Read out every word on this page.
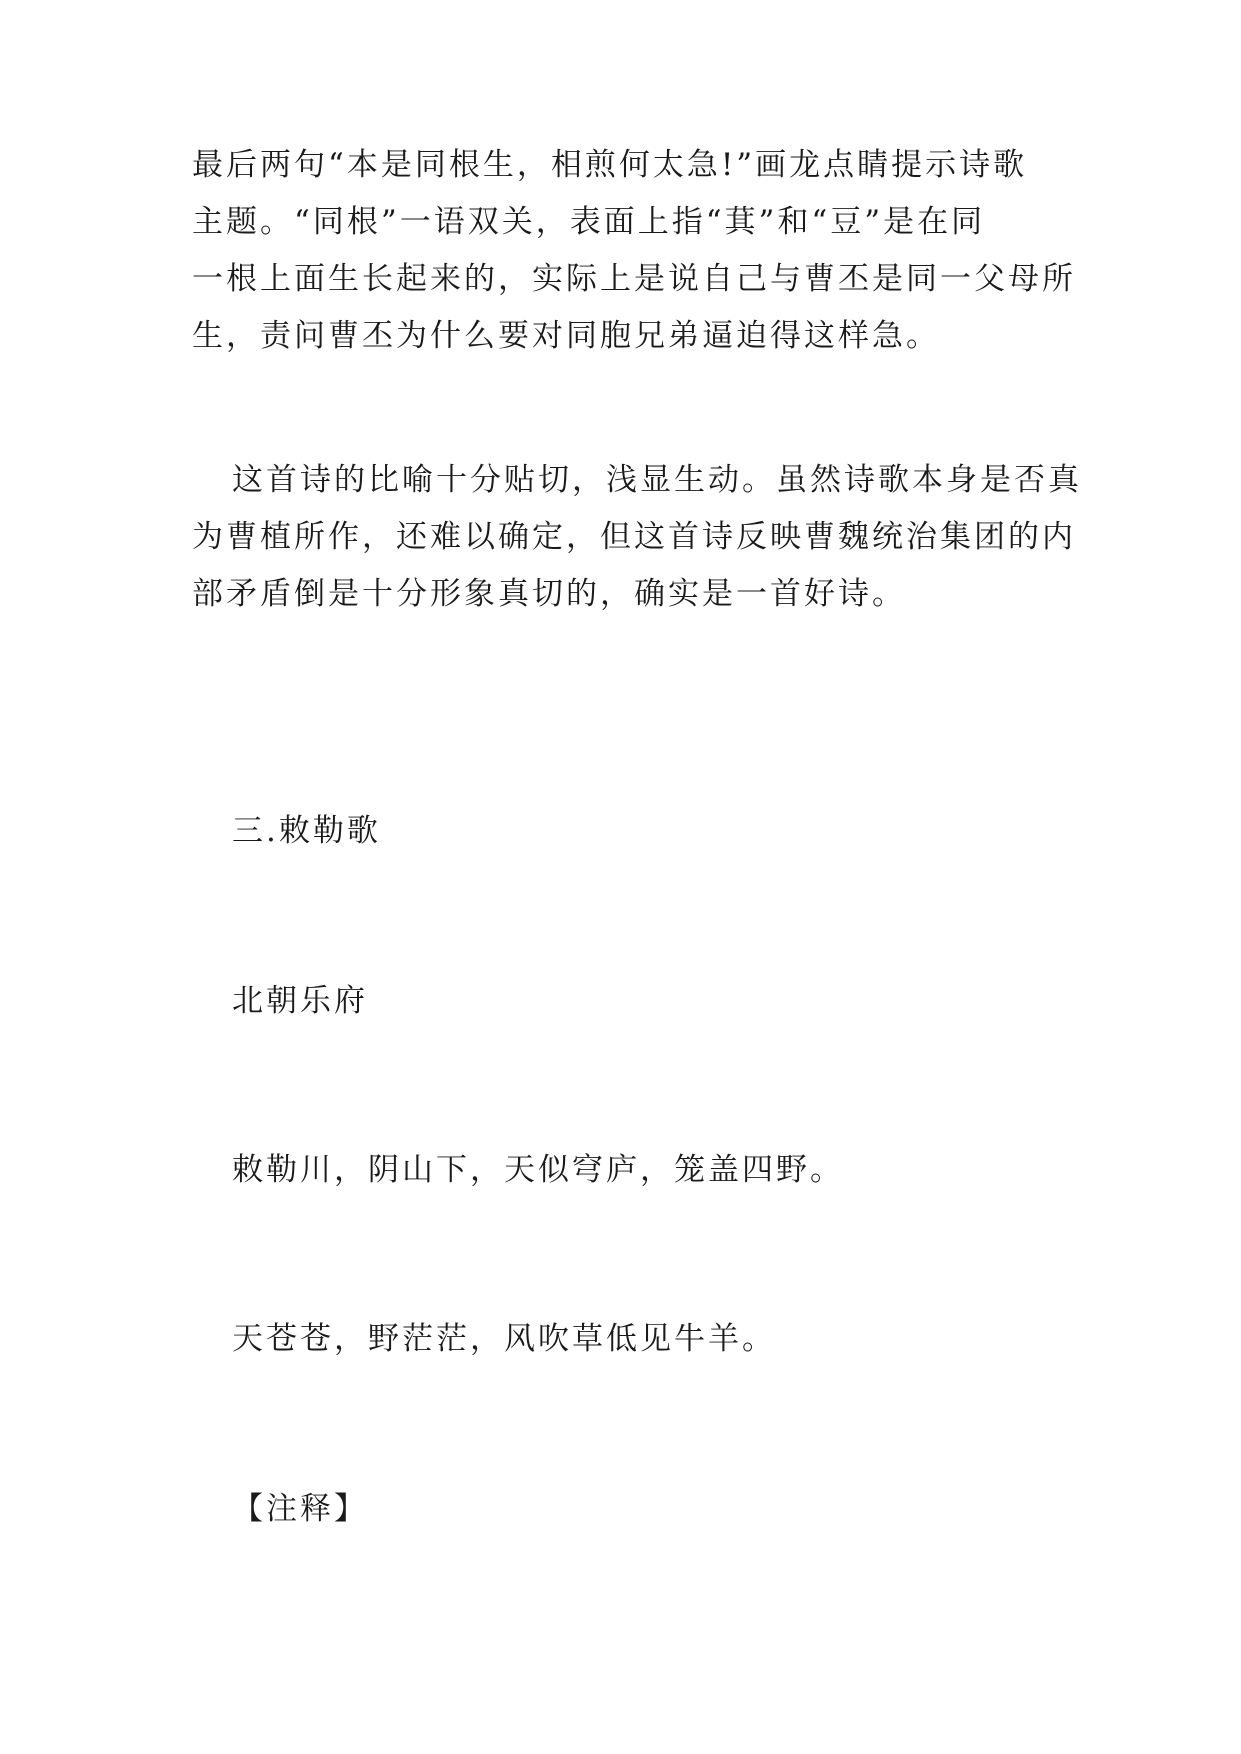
最后两句“本是同根生，相煎何太急!”画龙点睛提示诗歌
主题。“同根”一语双关，表面上指“萁”和“豆”是在同
一根上面生长起来的，实际上是说自己与曹丕是同一父母所
生，责问曹丕为什么要对同胞兄弟逼迫得这样急。

这首诗的比喻十分贴切，浅显生动。虽然诗歌本身是否真
为曹植所作，还难以确定，但这首诗反映曹魏统治集团的内
部矛盾倒是十分形象真切的，确实是一首好诗。

三.敕勒歌

北朝乐府

敕勒川，阴山下，天似穹庐，笼盖四野。

天苍苍，野茫茫，风吹草低见牛羊。

【注释】
